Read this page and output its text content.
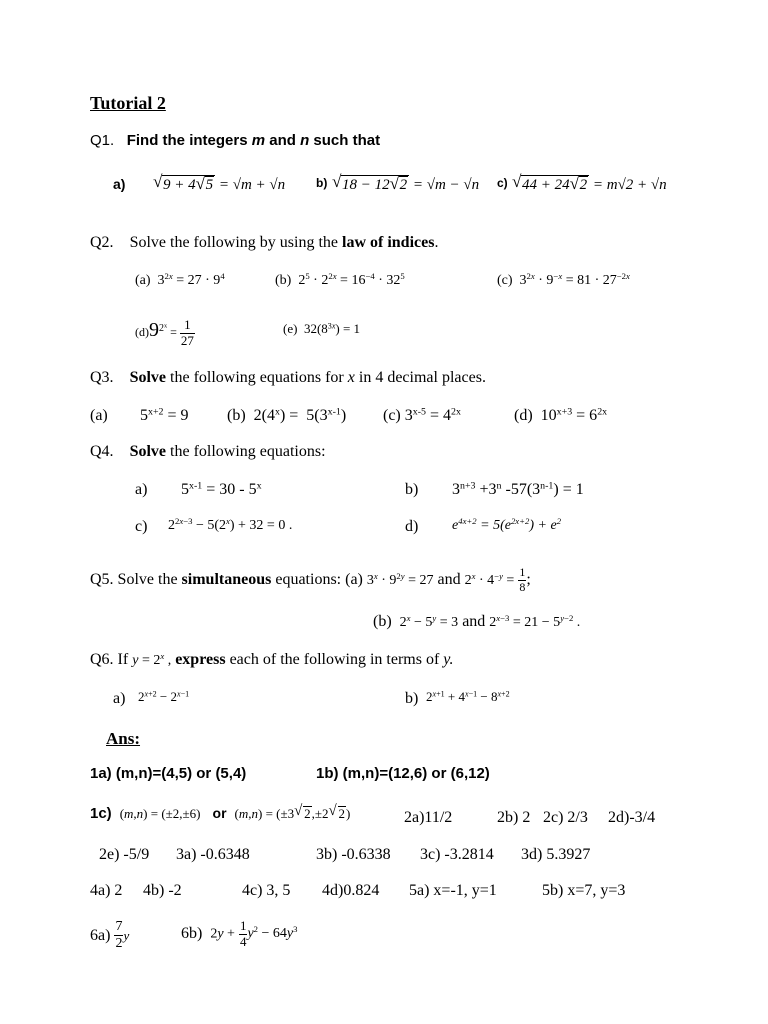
Tutorial 2
Q1. Find the integers m and n such that
a)	√ 9 + 4 √ 5 = √m + √n	b) √ 18 − 12 √ 2 = √m − √n c) √ 44 + 24 √ 2 = m√2 + √n
Q2. Solve the following by using the law of indices.
(a)  $3^{2x} = 27 \cdot 9^4$	(b)  $2^5 \cdot 2^{2x} = 16^{-4} \cdot 32^5$	(c)  $3^{2x} \cdot 9^{-x} = 81 \cdot 27^{-2x}$
$(d)9^{2^x} = \frac{1}{27}$	(e)  $32(8^{3x}) = 1$
Q3. Solve the following equations for x in 4 decimal places.
(a) $5^{x+2} = 9$ (b)  $2(4^x) = 5(3^{x-1})$ (c) $3^{x-5} = 4^{2x}$	(d)  $10^{x+3} = 6^{2x}$
Q4. Solve the following equations:
a) $5^{x-1} = 30 - 5^x$	b) $3^{n+3} +3^n$ $-57(3^{n-1}) = 1$
c) $2^{2x-3} - 5(2^x) + 32 = 0$ .	d) $e^{4x+2} = 5(e^{2x+2}) + e^2$
Q5. Solve the simultaneous equations: (a) $3^x \cdot 9^{2y} = 27$ and $2^x \cdot 4^{-y} = \frac{1}{8}$ ;
(b) $2^x - 5^y = 3$ and $2^{x-3} = 21 - 5^{y-2}$ .
Q6. If $y = 2^x$ , express each of the following in terms of y.
a) $2^{x+2} - 2^{x-1}$	b) $2^{x+1} + 4^{x-1} - 8^{x+2}$
Ans:
1a) (m,n)=(4,5) or (5,4)	1b) (m,n)=(12,6) or (6,12)
1c) (m,n) = (±2,±6) or (m,n) = (±3 √ 2,±2 √ 2)	2a)11/2	2b) 2 2c) 2/3 2d)-3/4
2e) -5/9 3a) -0.6348	3b) -0.6338 3c) -3.2814 3d) 5.3927
4a) 2 4b) -2	4c) 3, 5 4d)0.824 5a) x=-1, y=1	5b) x=7, y=3
$6a) \frac{7}{2}$ y	6b) $2y + \frac{1}{4} y^2 - 64y^3$
